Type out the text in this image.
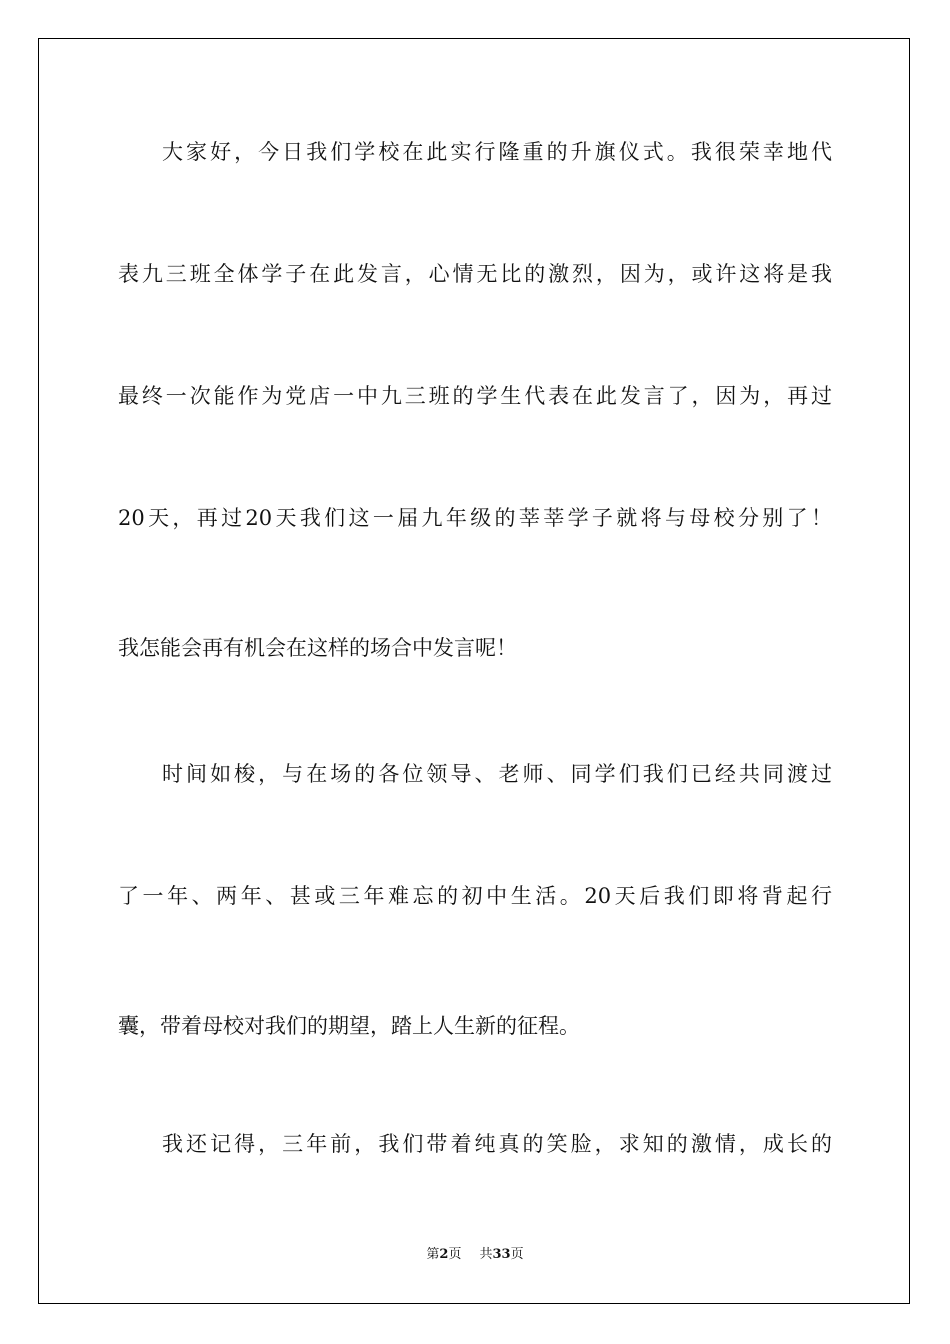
大家好，今日我们学校在此实行隆重的升旗仪式。我很荣幸地代
表九三班全体学子在此发言，心情无比的激烈，因为，或许这将是我
最终一次能作为党店一中九三班的学生代表在此发言了，因为，再过
20天，再过20天我们这一届九年级的莘莘学子就将与母校分别了！
我怎能会再有机会在这样的场合中发言呢！
时间如梭，与在场的各位领导、老师、同学们我们已经共同渡过
了一年、两年、甚或三年难忘的初中生活。20天后我们即将背起行
囊，带着母校对我们的期望，踏上人生新的征程。
我还记得，三年前，我们带着纯真的笑脸，求知的激情，成长的
第2页 共33页
